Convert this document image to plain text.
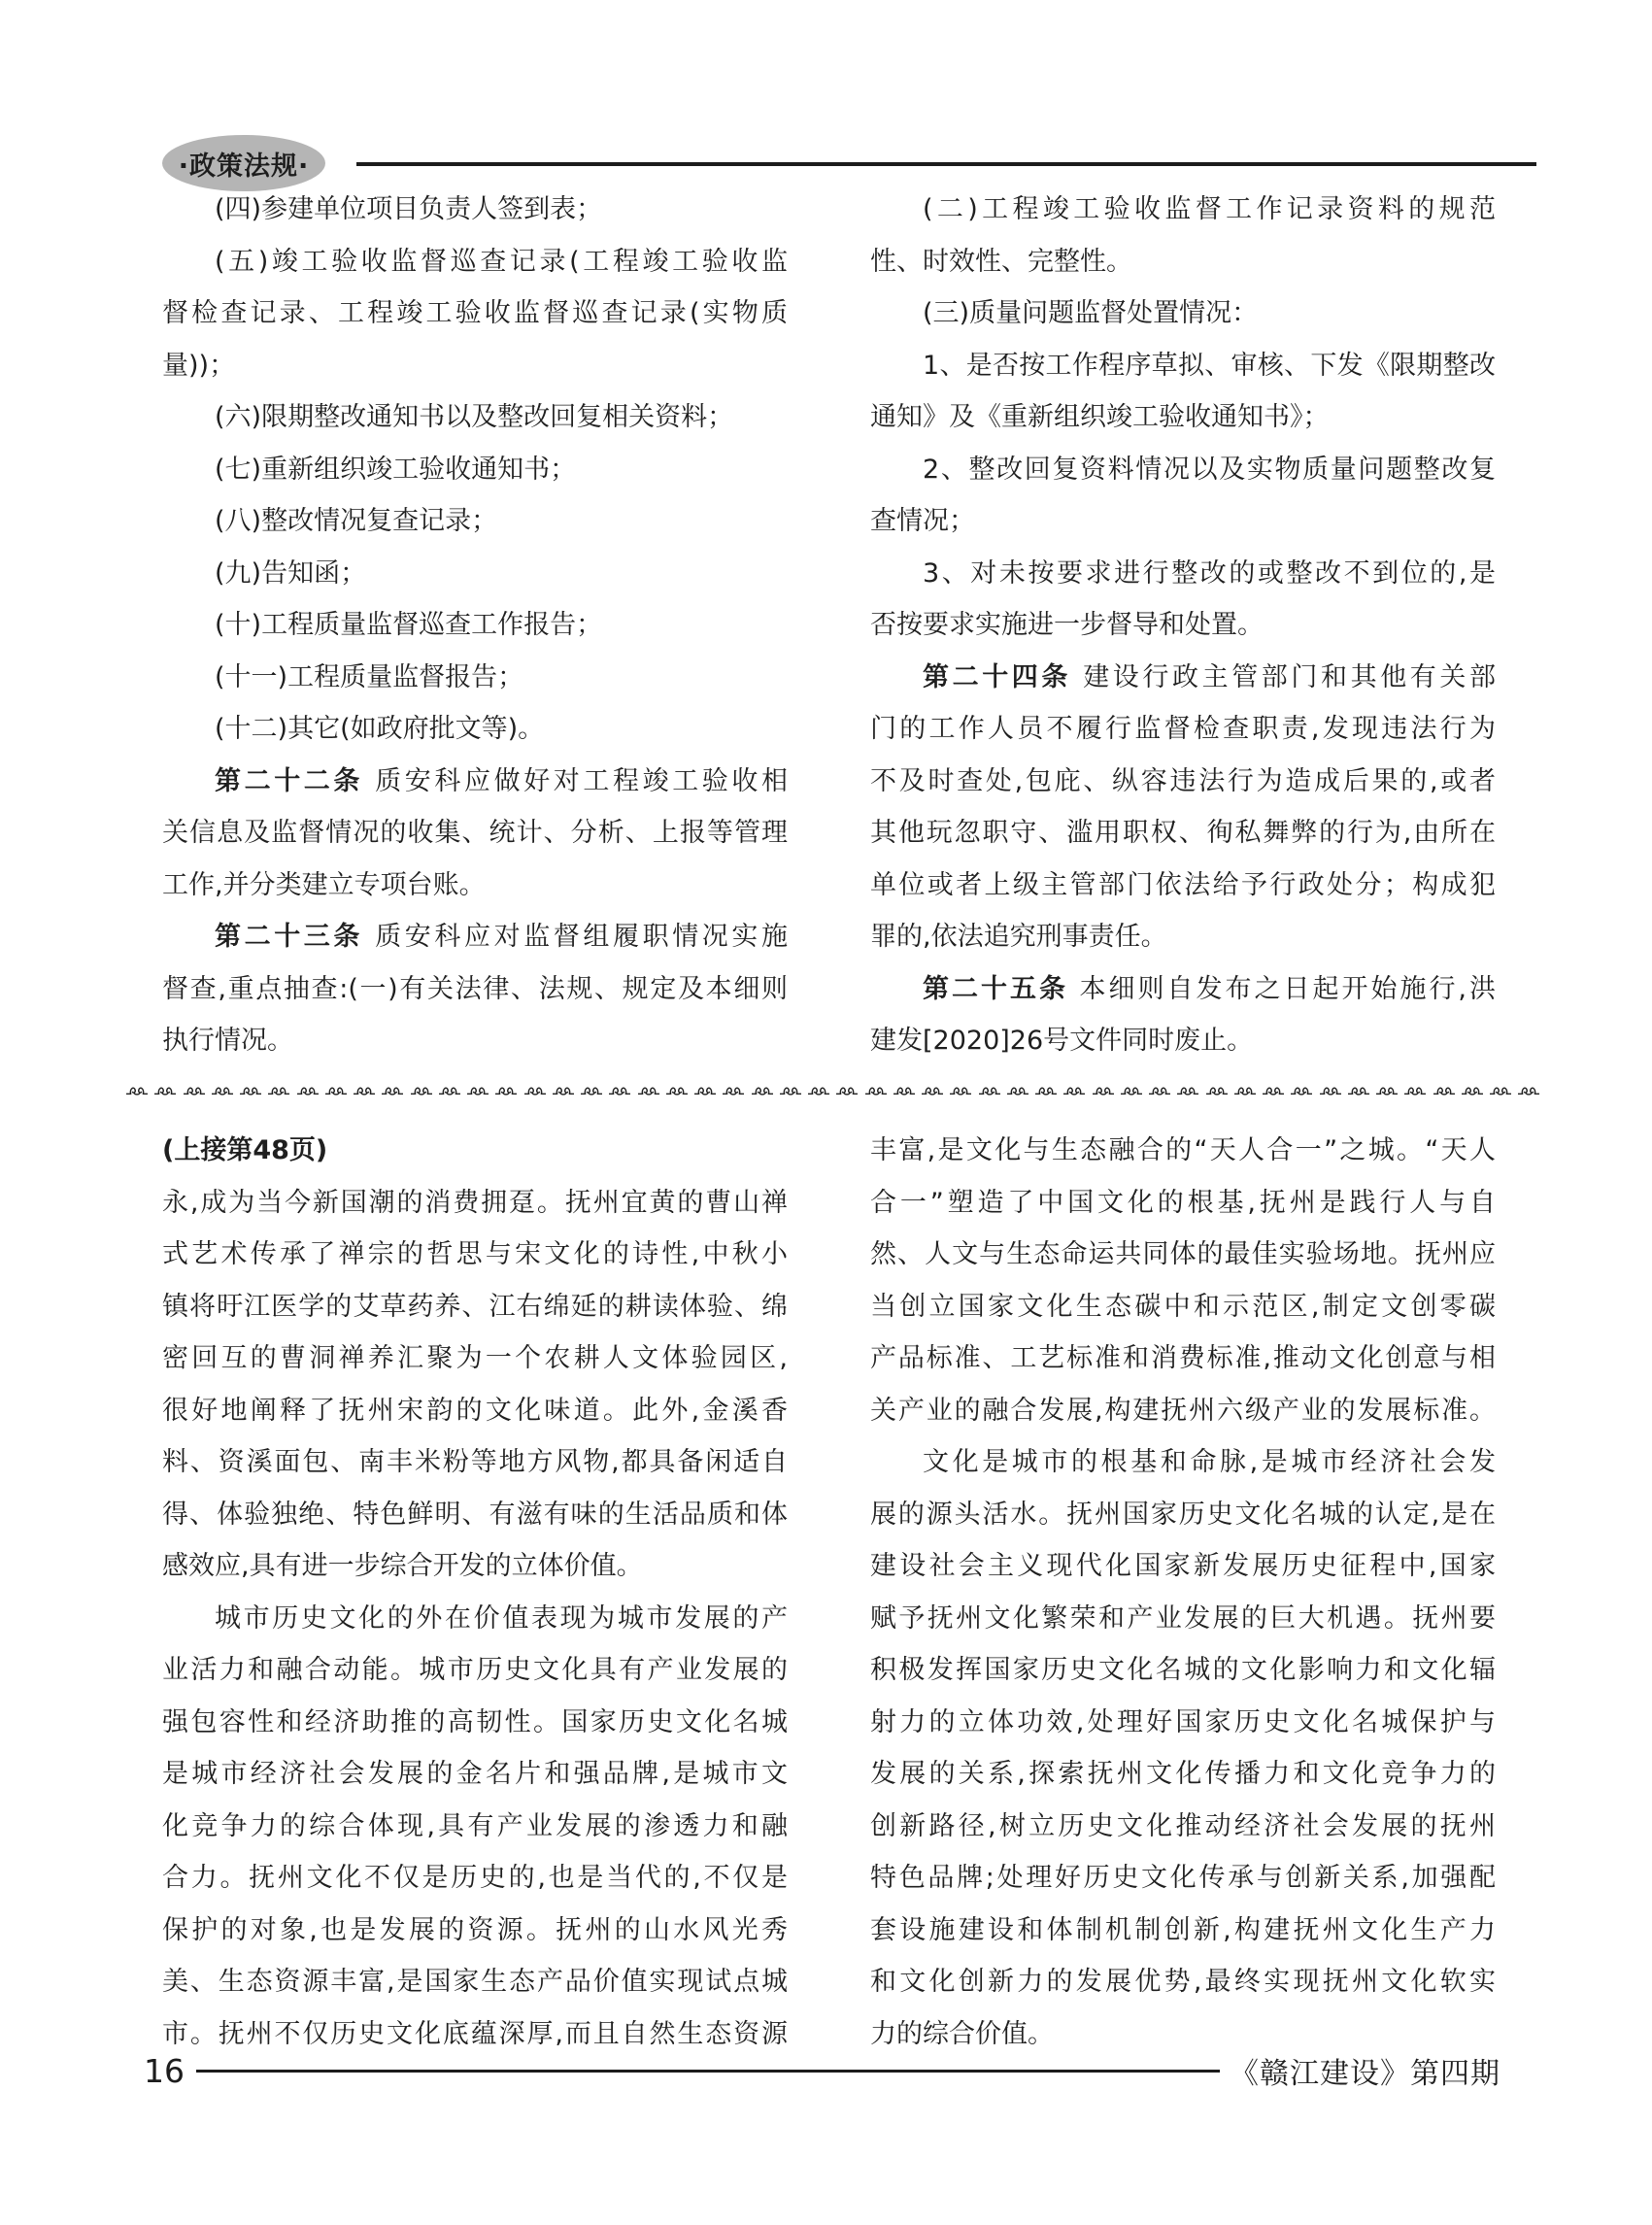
·政策法规·
(四)参建单位项目负责人签到表；
(五)竣工验收监督巡查记录(工程竣工验收监
督检查记录、工程竣工验收监督巡查记录(实物质
量))；
(六)限期整改通知书以及整改回复相关资料；
(七)重新组织竣工验收通知书；
(八)整改情况复查记录；
(九)告知函；
(十)工程质量监督巡查工作报告；
(十一)工程质量监督报告；
(十二)其它(如政府批文等)。
第二十二条 质安科应做好对工程竣工验收相
关信息及监督情况的收集、统计、分析、上报等管理
工作,并分类建立专项台账。
第二十三条 质安科应对监督组履职情况实施
督查,重点抽查:(一)有关法律、法规、规定及本细则
执行情况。
(二)工程竣工验收监督工作记录资料的规范
性、时效性、完整性。
(三)质量问题监督处置情况：
1、是否按工作程序草拟、审核、下发《限期整改
通知》及《重新组织竣工验收通知书》；
2、整改回复资料情况以及实物质量问题整改复
查情况；
3、对未按要求进行整改的或整改不到位的,是
否按要求实施进一步督导和处置。
第二十四条 建设行政主管部门和其他有关部
门的工作人员不履行监督检查职责,发现违法行为
不及时查处,包庇、纵容违法行为造成后果的,或者
其他玩忽职守、滥用职权、徇私舞弊的行为,由所在
单位或者上级主管部门依法给予行政处分；构成犯
罪的,依法追究刑事责任。
第二十五条 本细则自发布之日起开始施行,洪
建发[2020]26号文件同时废止。
(上接第48页)
永,成为当今新国潮的消费拥趸。抚州宜黄的曹山禅
式艺术传承了禅宗的哲思与宋文化的诗性,中秋小
镇将旴江医学的艾草药养、江右绵延的耕读体验、绵
密回互的曹洞禅养汇聚为一个农耕人文体验园区,
很好地阐释了抚州宋韵的文化味道。此外,金溪香
料、资溪面包、南丰米粉等地方风物,都具备闲适自
得、体验独绝、特色鲜明、有滋有味的生活品质和体
感效应,具有进一步综合开发的立体价值。
城市历史文化的外在价值表现为城市发展的产
业活力和融合动能。城市历史文化具有产业发展的
强包容性和经济助推的高韧性。国家历史文化名城
是城市经济社会发展的金名片和强品牌,是城市文
化竞争力的综合体现,具有产业发展的渗透力和融
合力。抚州文化不仅是历史的,也是当代的,不仅是
保护的对象,也是发展的资源。抚州的山水风光秀
美、生态资源丰富,是国家生态产品价值实现试点城
市。抚州不仅历史文化底蕴深厚,而且自然生态资源
丰富,是文化与生态融合的“天人合一”之城。“天人
合一”塑造了中国文化的根基,抚州是践行人与自
然、人文与生态命运共同体的最佳实验场地。抚州应
当创立国家文化生态碳中和示范区,制定文创零碳
产品标准、工艺标准和消费标准,推动文化创意与相
关产业的融合发展,构建抚州六级产业的发展标准。
文化是城市的根基和命脉,是城市经济社会发
展的源头活水。抚州国家历史文化名城的认定,是在
建设社会主义现代化国家新发展历史征程中,国家
赋予抚州文化繁荣和产业发展的巨大机遇。抚州要
积极发挥国家历史文化名城的文化影响力和文化辐
射力的立体功效,处理好国家历史文化名城保护与
发展的关系,探索抚州文化传播力和文化竞争力的
创新路径,树立历史文化推动经济社会发展的抚州
特色品牌;处理好历史文化传承与创新关系,加强配
套设施建设和体制机制创新,构建抚州文化生产力
和文化创新力的发展优势,最终实现抚州文化软实
力的综合价值。
16	《赣江建设》第四期
